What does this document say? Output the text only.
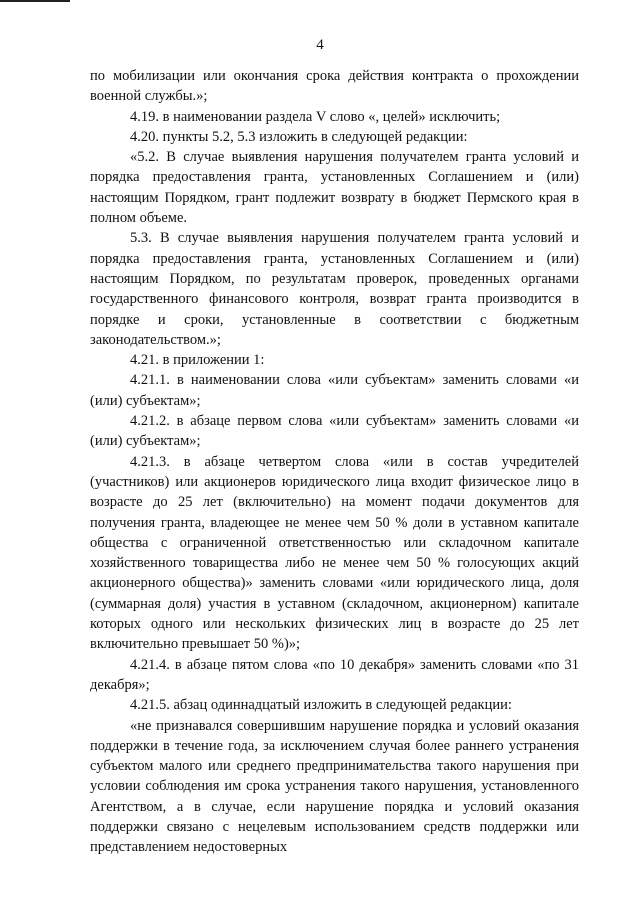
4

по мобилизации или окончания срока действия контракта о прохождении военной службы.»;

4.19. в наименовании раздела V слово «, целей» исключить;

4.20. пункты 5.2, 5.3 изложить в следующей редакции:

«5.2. В случае выявления нарушения получателем гранта условий и порядка предоставления гранта, установленных Соглашением и (или) настоящим Порядком, грант подлежит возврату в бюджет Пермского края в полном объеме.

5.3. В случае выявления нарушения получателем гранта условий и порядка предоставления гранта, установленных Соглашением и (или) настоящим Порядком, по результатам проверок, проведенных органами государственного финансового контроля, возврат гранта производится в порядке и сроки, установленные в соответствии с бюджетным законодательством.»;

4.21. в приложении 1:

4.21.1. в наименовании слова «или субъектам» заменить словами «и (или) субъектам»;

4.21.2. в абзаце первом слова «или субъектам» заменить словами «и (или) субъектам»;

4.21.3. в абзаце четвертом слова «или в состав учредителей (участников) или акционеров юридического лица входит физическое лицо в возрасте до 25 лет (включительно) на момент подачи документов для получения гранта, владеющее не менее чем 50 % доли в уставном капитале общества с ограниченной ответственностью или складочном капитале хозяйственного товарищества либо не менее чем 50 % голосующих акций акционерного общества)» заменить словами «или юридического лица, доля (суммарная доля) участия в уставном (складочном, акционерном) капитале которых одного или нескольких физических лиц в возрасте до 25 лет включительно превышает 50 %)»;

4.21.4. в абзаце пятом слова «по 10 декабря» заменить словами «по 31 декабря»;

4.21.5. абзац одиннадцатый изложить в следующей редакции:

«не признавался совершившим нарушение порядка и условий оказания поддержки в течение года, за исключением случая более раннего устранения субъектом малого или среднего предпринимательства такого нарушения при условии соблюдения им срока устранения такого нарушения, установленного Агентством, а в случае, если нарушение порядка и условий оказания поддержки связано с нецелевым использованием средств поддержки или представлением недостоверных
